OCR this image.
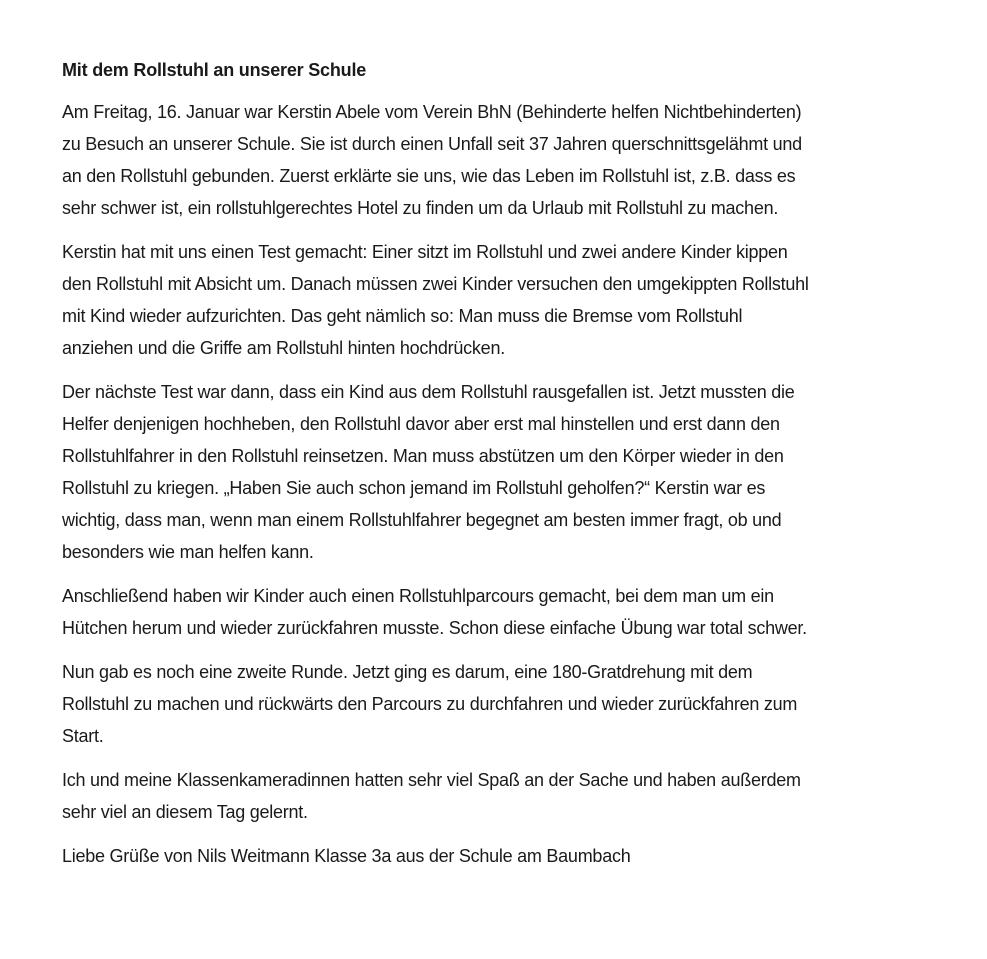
Mit dem Rollstuhl an unserer Schule

Am Freitag, 16. Januar war Kerstin Abele vom Verein BhN (Behinderte helfen Nichtbehinderten)
zu Besuch an unserer Schule. Sie ist durch einen Unfall seit 37 Jahren querschnittsgelähmt und
an den Rollstuhl gebunden. Zuerst erklärte sie uns, wie das Leben im Rollstuhl ist, z.B. dass es
sehr schwer ist, ein rollstuhlgerechtes Hotel zu finden um da Urlaub mit Rollstuhl zu machen.

Kerstin hat mit uns einen Test gemacht: Einer sitzt im Rollstuhl und zwei andere Kinder kippen
den Rollstuhl mit Absicht um. Danach müssen zwei Kinder versuchen den umgekippten Rollstuhl
mit Kind wieder aufzurichten. Das geht nämlich so: Man muss die Bremse vom Rollstuhl
anziehen und die Griffe am Rollstuhl hinten hochdrücken.

Der nächste Test war dann, dass ein Kind aus dem Rollstuhl rausgefallen ist. Jetzt mussten die
Helfer denjenigen hochheben, den Rollstuhl davor aber erst mal hinstellen und erst dann den
Rollstuhlfahrer in den Rollstuhl reinsetzen. Man muss abstützen um den Körper wieder in den
Rollstuhl zu kriegen. „Haben Sie auch schon jemand im Rollstuhl geholfen?“ Kerstin war es
wichtig, dass man, wenn man einem Rollstuhlfahrer begegnet am besten immer fragt, ob und
besonders wie man helfen kann.

Anschließend haben wir Kinder auch einen Rollstuhlparcours gemacht, bei dem man um ein
Hütchen herum und wieder zurückfahren musste. Schon diese einfache Übung war total schwer.

Nun gab es noch eine zweite Runde. Jetzt ging es darum, eine 180-Gratdrehung mit dem
Rollstuhl zu machen und rückwärts den Parcours zu durchfahren und wieder zurückfahren zum
Start.

Ich und meine Klassenkameradinnen hatten sehr viel Spaß an der Sache und haben außerdem
sehr viel an diesem Tag gelernt.

Liebe Grüße von Nils Weitmann Klasse 3a aus der Schule am Baumbach
